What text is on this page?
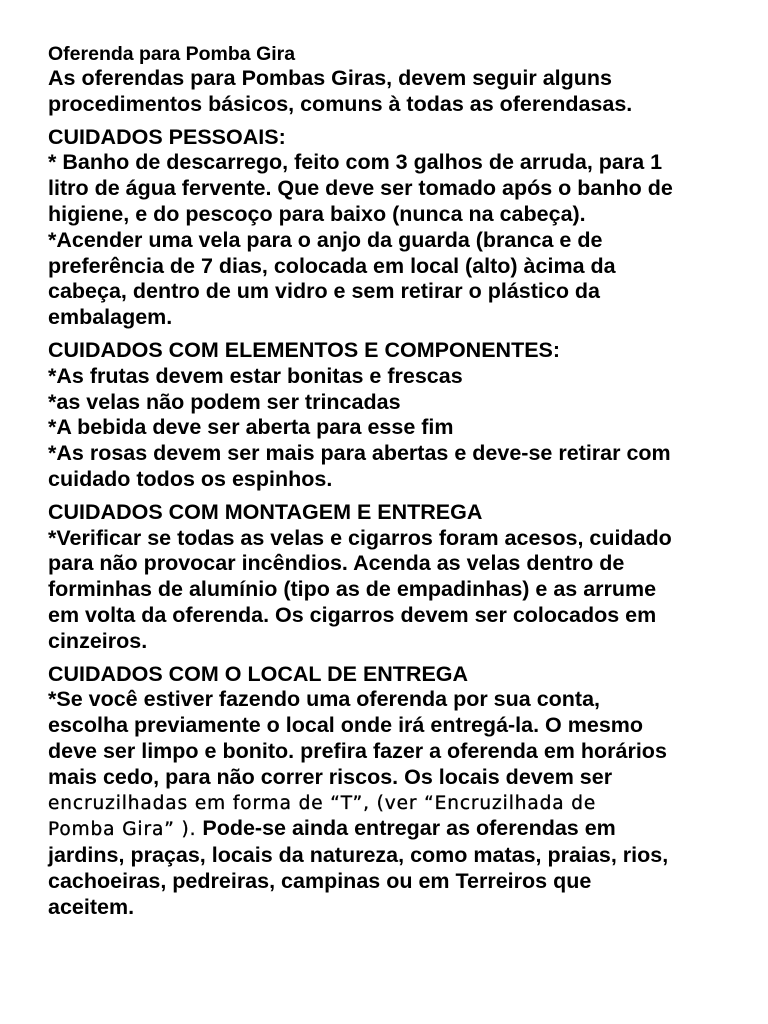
Oferenda para Pomba Gira
As oferendas para Pombas Giras, devem seguir alguns
procedimentos básicos, comuns à todas as oferendasas.
CUIDADOS PESSOAIS:
* Banho de descarrego, feito com 3 galhos de arruda, para 1
litro de água fervente. Que deve ser tomado após o banho de
higiene, e do pescoço para baixo (nunca na cabeça).
*Acender uma vela para o anjo da guarda (branca e de
preferência de 7 dias, colocada em local (alto) àcima da
cabeça, dentro de um vidro e sem retirar o plástico da
embalagem.
CUIDADOS COM ELEMENTOS E COMPONENTES:
*As frutas devem estar bonitas e frescas
*as velas não podem ser trincadas
*A bebida deve ser aberta para esse fim
*As rosas devem ser mais para abertas e deve-se retirar com
cuidado todos os espinhos.
CUIDADOS COM MONTAGEM E ENTREGA
*Verificar se todas as velas e cigarros foram acesos, cuidado
para não provocar incêndios. Acenda as velas dentro de
forminhas de alumínio (tipo as de empadinhas) e as arrume
em volta da oferenda. Os cigarros devem ser colocados em
cinzeiros.
CUIDADOS COM O LOCAL DE ENTREGA
*Se você estiver fazendo uma oferenda por sua conta,
escolha previamente o local onde irá entregá-la. O mesmo
deve ser limpo e bonito. prefira fazer a oferenda em horários
mais cedo, para não correr riscos. Os locais devem ser
encruzilhadas em forma de “T”, (ver “Encruzilhada de
Pomba Gira” ). Pode-se ainda entregar as oferendas em
jardins, praças, locais da natureza, como matas, praias, rios,
cachoeiras, pedreiras, campinas ou em Terreiros que
aceitem.
